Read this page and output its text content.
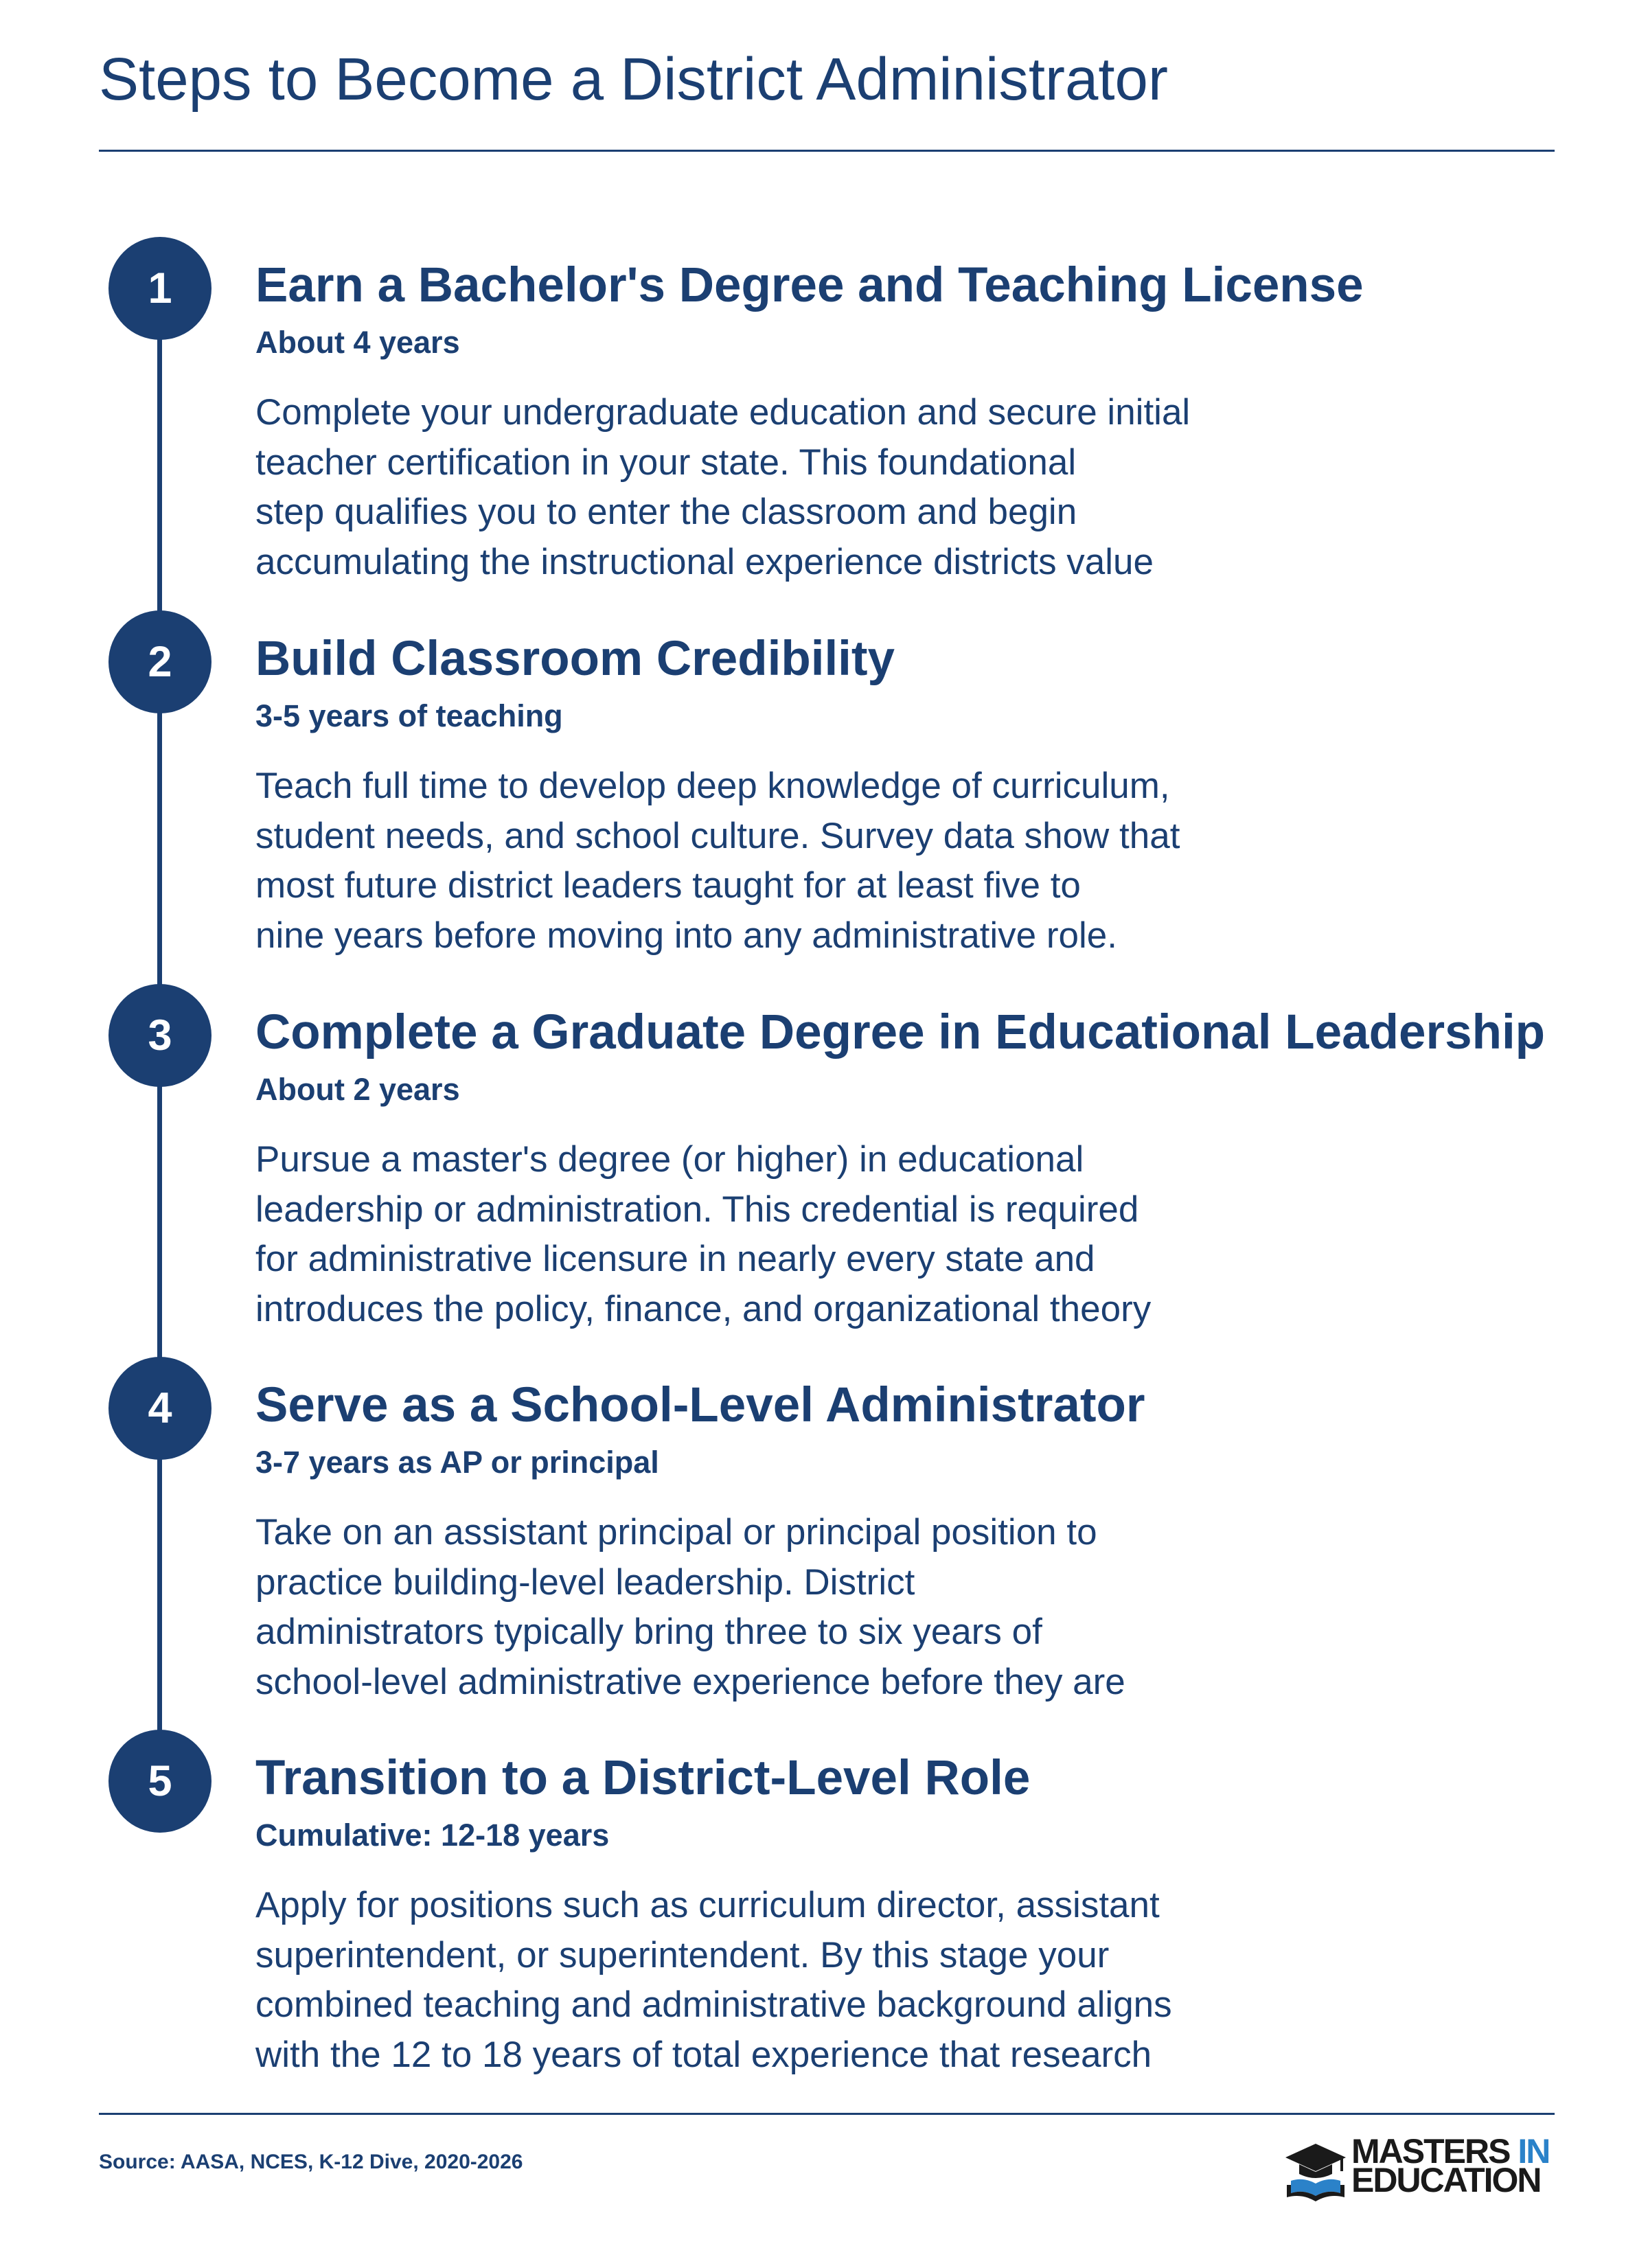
Steps to Become a District Administrator
1	Earn a Bachelor's Degree and Teaching License
About 4 years
Complete your undergraduate education and secure initial
teacher certification in your state. This foundational
step qualifies you to enter the classroom and begin
accumulating the instructional experience districts value
2	Build Classroom Credibility
3-5 years of teaching
Teach full time to develop deep knowledge of curriculum,
student needs, and school culture. Survey data show that
most future district leaders taught for at least five to
nine years before moving into any administrative role.
3	Complete a Graduate Degree in Educational Leadership
About 2 years
Pursue a master's degree (or higher) in educational
leadership or administration. This credential is required
for administrative licensure in nearly every state and
introduces the policy, finance, and organizational theory
4	Serve as a School-Level Administrator
3-7 years as AP or principal
Take on an assistant principal or principal position to
practice building-level leadership. District
administrators typically bring three to six years of
school-level administrative experience before they are
5	Transition to a District-Level Role
Cumulative: 12-18 years
Apply for positions such as curriculum director, assistant
superintendent, or superintendent. By this stage your
combined teaching and administrative background aligns
with the 12 to 18 years of total experience that research
Source: AASA, NCES, K-12 Dive, 2020-2026	MASTERS IN
EDUCATION
